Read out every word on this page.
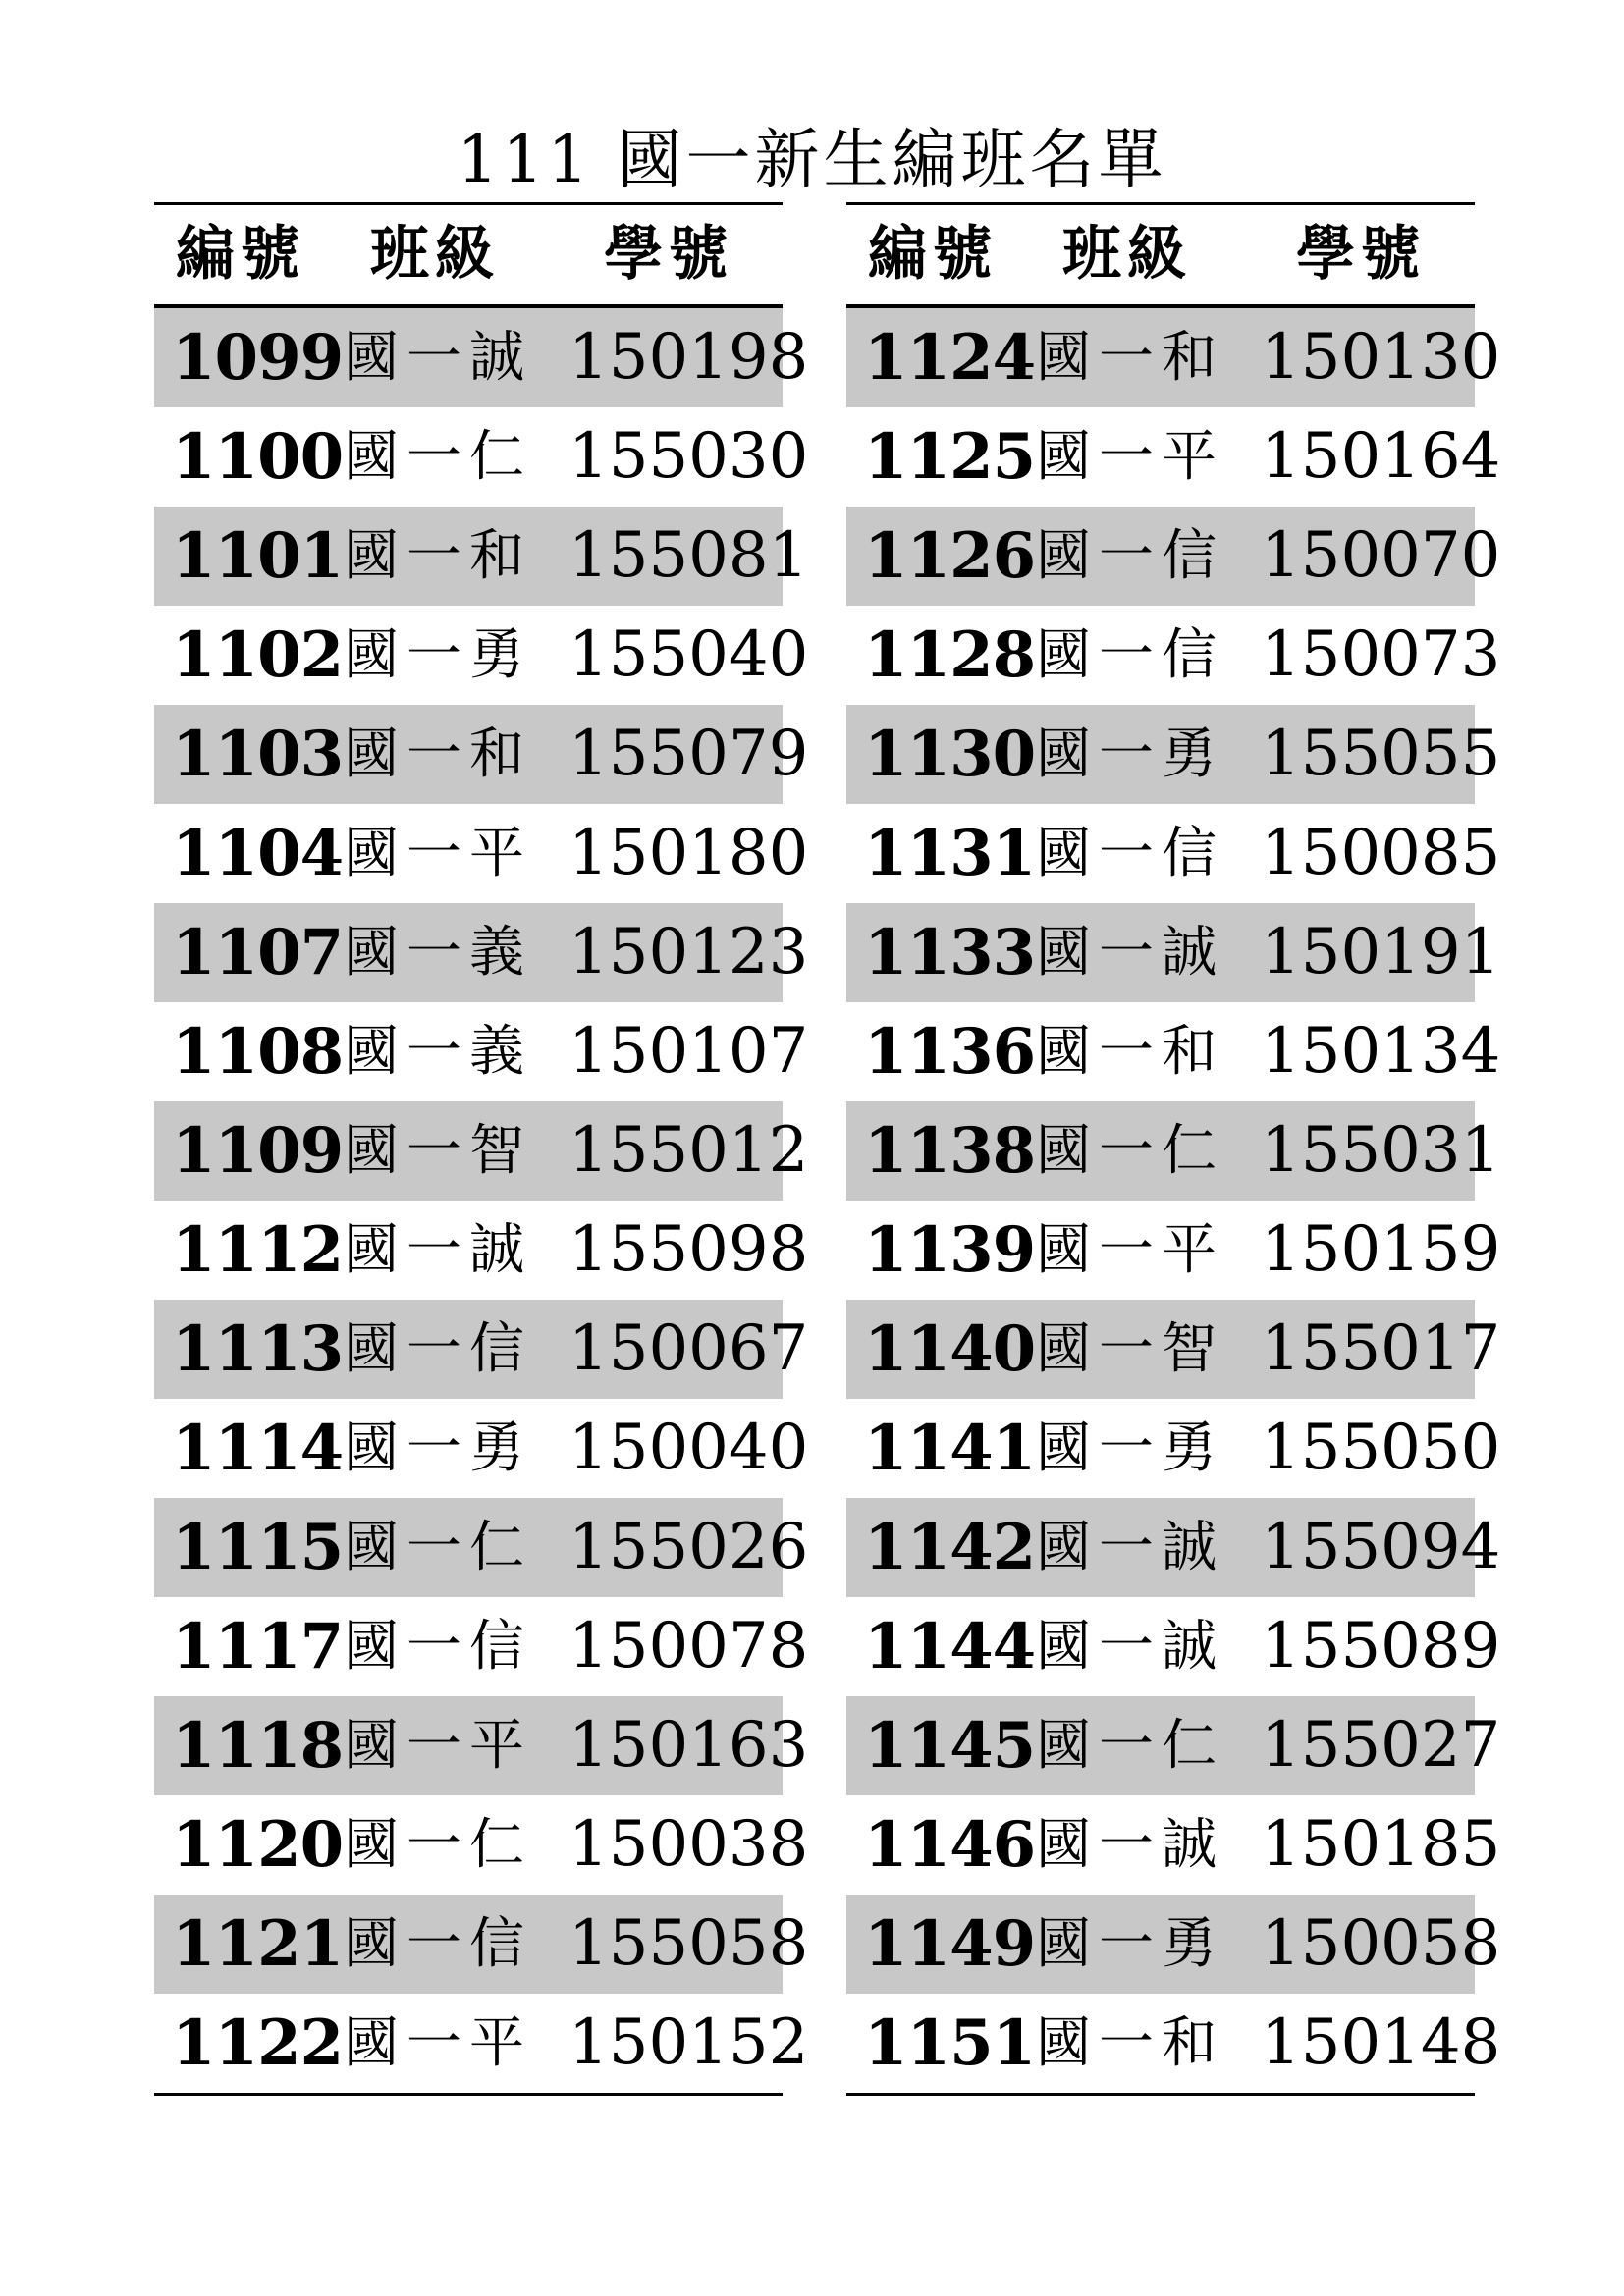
111 國一新生編班名單
編號 班級 學號
1099 國一誠 150198
1100 國一仁 155030
1101 國一和 155081
1102 國一勇 155040
1103 國一和 155079
1104 國一平 150180
1107 國一義 150123
1108 國一義 150107
1109 國一智 155012
1112 國一誠 155098
1113 國一信 150067
1114 國一勇 150040
1115 國一仁 155026
1117 國一信 150078
1118 國一平 150163
1120 國一仁 150038
1121 國一信 155058
1122 國一平 150152
編號 班級 學號
1124 國一和 150130
1125 國一平 150164
1126 國一信 150070
1128 國一信 150073
1130 國一勇 155055
1131 國一信 150085
1133 國一誠 150191
1136 國一和 150134
1138 國一仁 155031
1139 國一平 150159
1140 國一智 155017
1141 國一勇 155050
1142 國一誠 155094
1144 國一誠 155089
1145 國一仁 155027
1146 國一誠 150185
1149 國一勇 150058
1151 國一和 150148
